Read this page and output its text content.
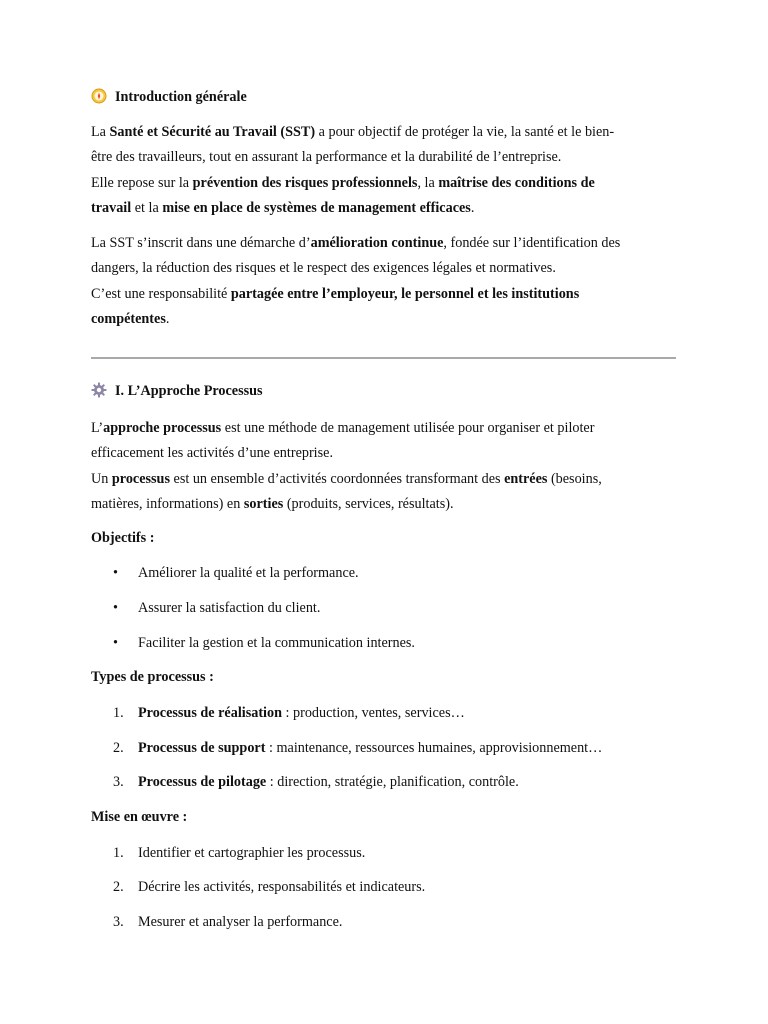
Introduction générale
La Santé et Sécurité au Travail (SST) a pour objectif de protéger la vie, la santé et le bien-
être des travailleurs, tout en assurant la performance et la durabilité de l’entreprise.
Elle repose sur la prévention des risques professionnels, la maîtrise des conditions de
travail et la mise en place de systèmes de management efficaces.
La SST s’inscrit dans une démarche d’amélioration continue, fondée sur l’identification des
dangers, la réduction des risques et le respect des exigences légales et normatives.
C’est une responsabilité partagée entre l’employeur, le personnel et les institutions
compétentes.
I. L’Approche Processus
L’approche processus est une méthode de management utilisée pour organiser et piloter
efficacement les activités d’une entreprise.
Un processus est un ensemble d’activités coordonnées transformant des entrées (besoins,
matières, informations) en sorties (produits, services, résultats).
Objectifs :
•	Améliorer la qualité et la performance.
•	Assurer la satisfaction du client.
•	Faciliter la gestion et la communication internes.
Types de processus :
1.	Processus de réalisation : production, ventes, services…
2.	Processus de support : maintenance, ressources humaines, approvisionnement…
3.	Processus de pilotage : direction, stratégie, planification, contrôle.
Mise en œuvre :
1.	Identifier et cartographier les processus.
2.	Décrire les activités, responsabilités et indicateurs.
3.	Mesurer et analyser la performance.
